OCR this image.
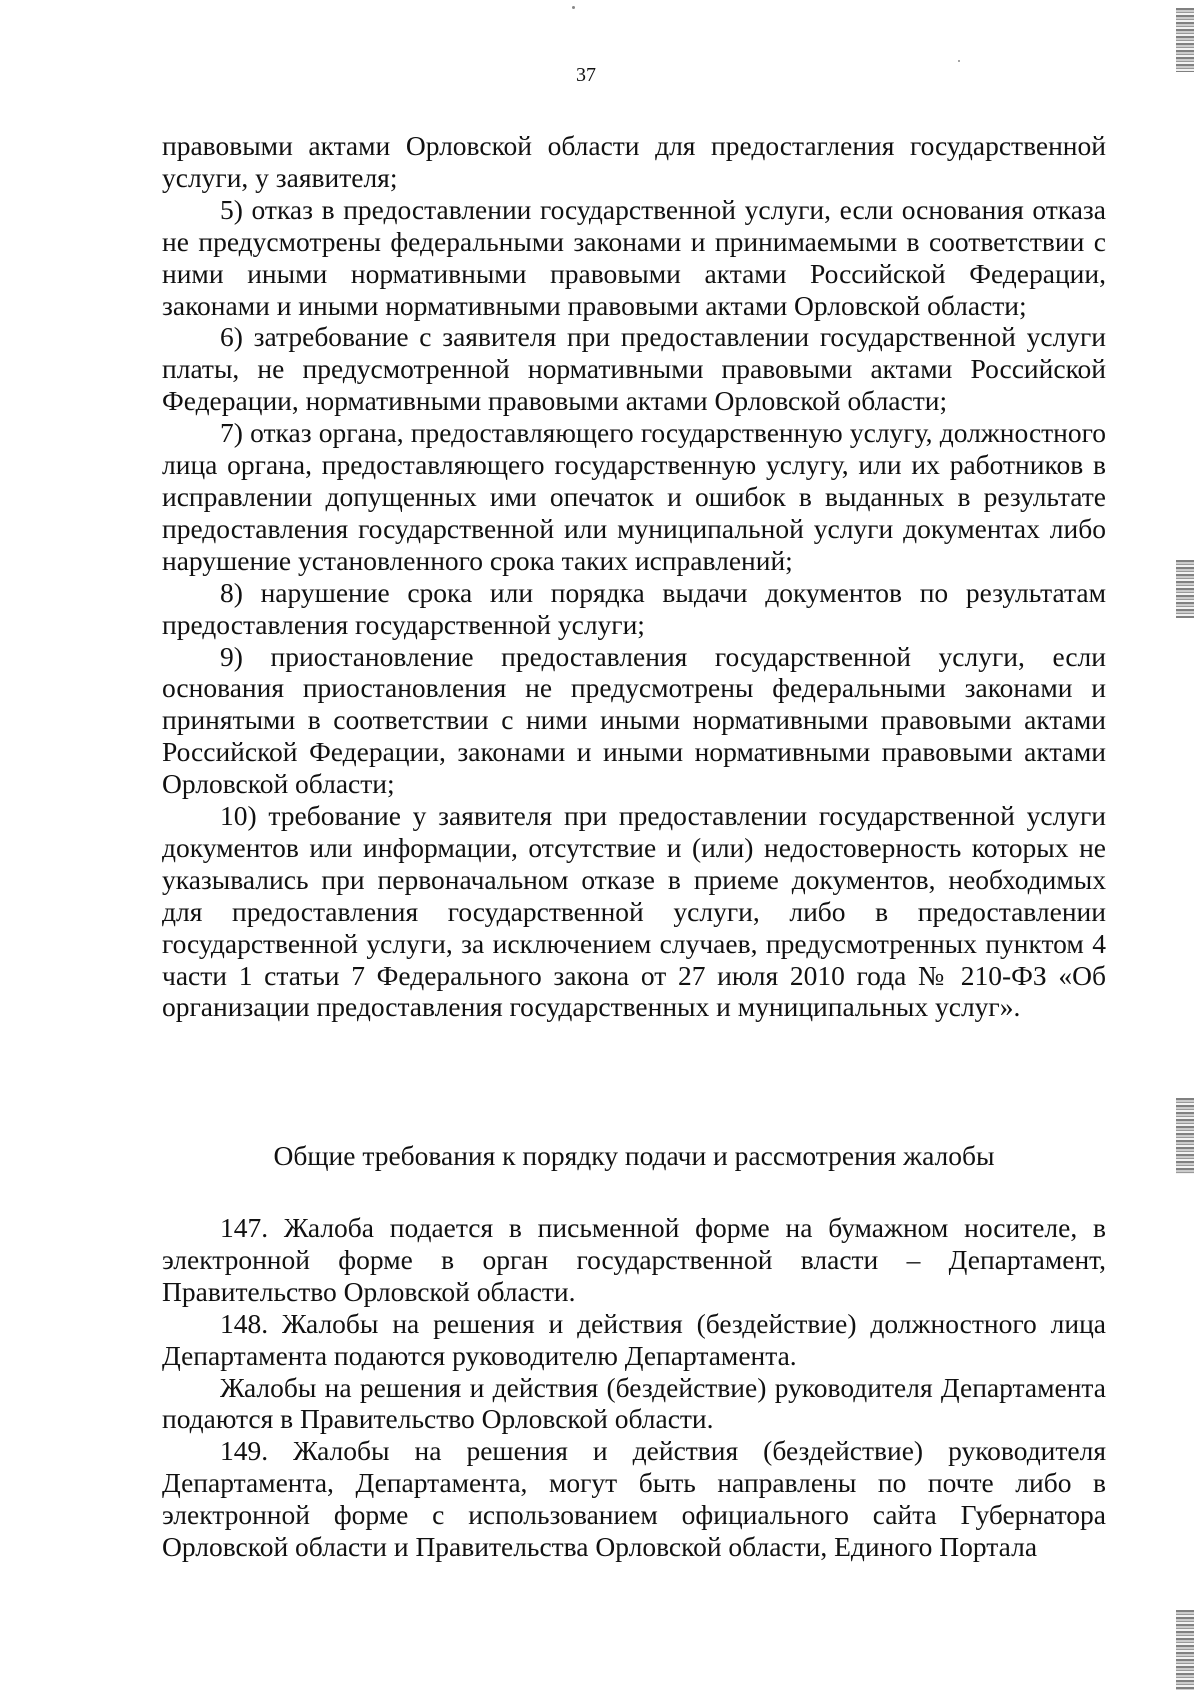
37

правовыми актами Орловской области для предостагления государственной услуги, у заявителя;

5) отказ в предоставлении государственной услуги, если основания отказа не предусмотрены федеральными законами и принимаемыми в соответствии с ними иными нормативными правовыми актами Российской Федерации, законами и иными нормативными правовыми актами Орловской области;

6) затребование с заявителя при предоставлении государственной услуги платы, не предусмотренной нормативными правовыми актами Российской Федерации, нормативными правовыми актами Орловской области;

7) отказ органа, предоставляющего государственную услугу, должностного лица органа, предоставляющего государственную услугу, или их работников в исправлении допущенных ими опечаток и ошибок в выданных в результате предоставления государственной или муниципальной услуги документах либо нарушение установленного срока таких исправлений;

8) нарушение срока или порядка выдачи документов по результатам предоставления государственной услуги;

9) приостановление предоставления государственной услуги, если основания приостановления не предусмотрены федеральными законами и принятыми в соответствии с ними иными нормативными правовыми актами Российской Федерации, законами и иными нормативными правовыми актами Орловской области;

10) требование у заявителя при предоставлении государственной услуги документов или информации, отсутствие и (или) недостоверность которых не указывались при первоначальном отказе в приеме документов, необходимых для предоставления государственной услуги, либо в предоставлении государственной услуги, за исключением случаев, предусмотренных пунктом 4 части 1 статьи 7 Федерального закона от 27 июля 2010 года № 210-ФЗ «Об организации предоставления государственных и муниципальных услуг».

Общие требования к порядку подачи и рассмотрения жалобы

147. Жалоба подается в письменной форме на бумажном носителе, в электронной форме в орган государственной власти – Департамент, Правительство Орловской области.

148. Жалобы на решения и действия (бездействие) должностного лица Департамента подаются руководителю Департамента.

Жалобы на решения и действия (бездействие) руководителя Департамента подаются в Правительство Орловской области.

149. Жалобы на решения и действия (бездействие) руководителя Департамента, Департамента, могут быть направлены по почте либо в электронной форме с использованием официального сайта Губернатора Орловской области и Правительства Орловской области, Единого Портала
